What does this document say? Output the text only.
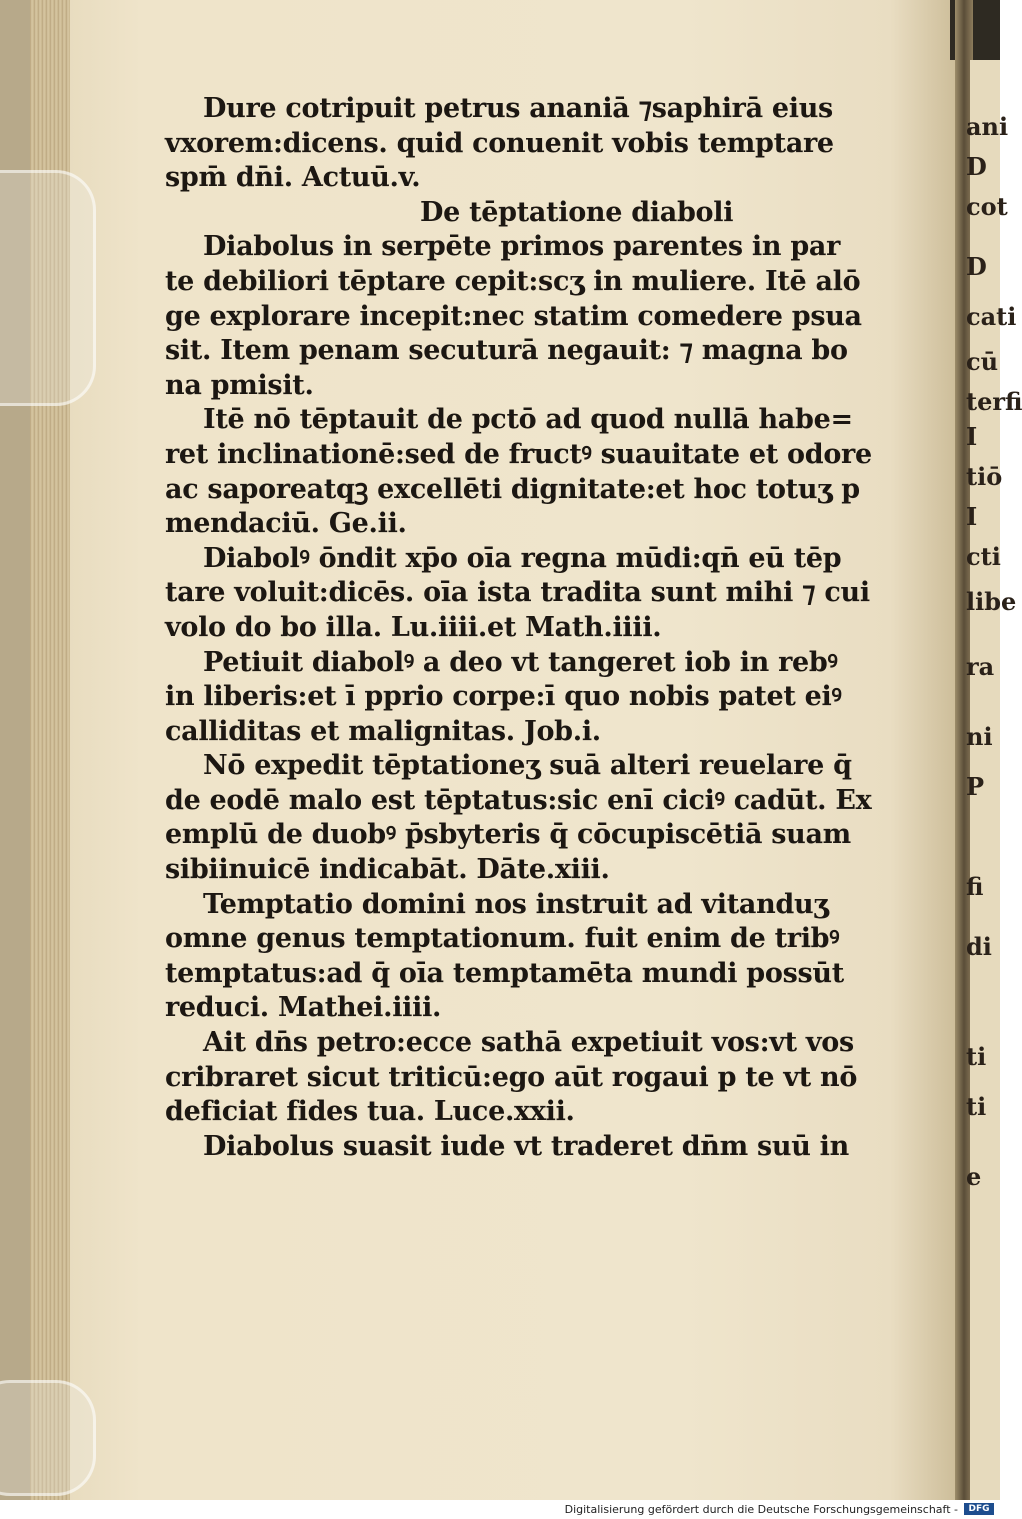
Dure cotripuit petrus ananiā ⁊saphirā eius
vxorem:dicens. quid conuenit vobis temptare
spm̄ dn̄i. Actuū.v.
De tēptatione diaboli
Diabolus in serpēte primos parentes in par
te debiliori tēptare cepit:scʒ in muliere. Itē alō
ge explorare incepit:nec statim comedere psua
sit. Item penam secuturā negauit: ⁊ magna bo
na pmisit.
Itē nō tēptauit de pctō ad quod nullā habe=
ret inclinationē:sed de fructꝰ suauitate et odore
ac saporeatqꝫ excellēti dignitate:et hoc totuʒ p
mendaciū. Ge.ii.
Diabolꝰ ōndit xp̄o oīa regna mūdi:qn̄ eū tēp
tare voluit:dicēs. oīa ista tradita sunt mihi ⁊ cui
volo do bo illa. Lu.iiii.et Math.iiii.
Petiuit diabolꝰ a deo vt tangeret iob in rebꝰ
in liberis:et ī pprio corpe:ī quo nobis patet eiꝰ
calliditas et malignitas. Job.i.
Nō expedit tēptationeʒ suā alteri reuelare q̄
de eodē malo est tēptatus:sic enī ciciꝰ cadūt. Ex
emplū de duobꝰ p̄sbyteris q̄ cōcupiscētiā suam
sibiinuicē indicabāt. Dāte.xiii.
Temptatio domini nos instruit ad vitanduʒ
omne genus temptationum. fuit enim de tribꝰ
temptatus:ad q̄ oīa temptamēta mundi possūt
reduci. Mathei.iiii.
Ait dn̄s petro:ecce sathā expetiuit vos:vt vos
cribraret sicut triticū:ego aūt rogaui p te vt nō
deficiat fides tua. Luce.xxii.
Diabolus suasit iude vt traderet dn̄m suū in
ani
D
cot
D
cati
cū
terfi
I
tiō
I
cti
libe
ra
ni
P
fi
di
ti
ti
e
Digitalisierung gefördert durch die Deutsche Forschungsgemeinschaft -	DFG
